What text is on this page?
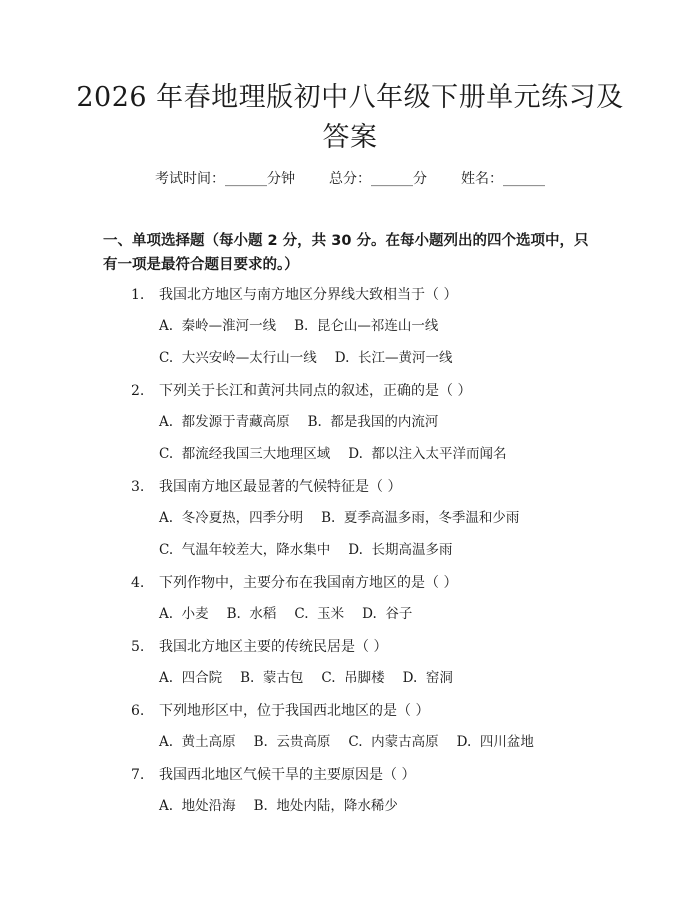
2026 年春地理版初中八年级下册单元练习及答案
考试时间：______分钟 总分：______分 姓名：______
一、单项选择题（每小题 2 分，共 30 分。在每小题列出的四个选项中，只有一项是最符合题目要求的。）
1. 我国北方地区与南方地区分界线大致相当于（ ）
A.  秦岭—淮河一线 B.  昆仑山—祁连山一线
C.  大兴安岭—太行山一线 D.  长江—黄河一线
2. 下列关于长江和黄河共同点的叙述，正确的是（ ）
A.  都发源于青藏高原 B.  都是我国的内流河
C.  都流经我国三大地理区域 D.  都以注入太平洋而闻名
3. 我国南方地区最显著的气候特征是（ ）
A.  冬冷夏热，四季分明 B.  夏季高温多雨，冬季温和少雨
C.  气温年较差大，降水集中 D.  长期高温多雨
4. 下列作物中，主要分布在我国南方地区的是（ ）
A.  小麦 B.  水稻 C.  玉米 D.  谷子
5. 我国北方地区主要的传统民居是（ ）
A.  四合院 B.  蒙古包 C.  吊脚楼 D.  窑洞
6. 下列地形区中，位于我国西北地区的是（ ）
A.  黄土高原 B.  云贵高原 C.  内蒙古高原 D.  四川盆地
7. 我国西北地区气候干旱的主要原因是（ ）
A.  地处沿海 B.  地处内陆，降水稀少
